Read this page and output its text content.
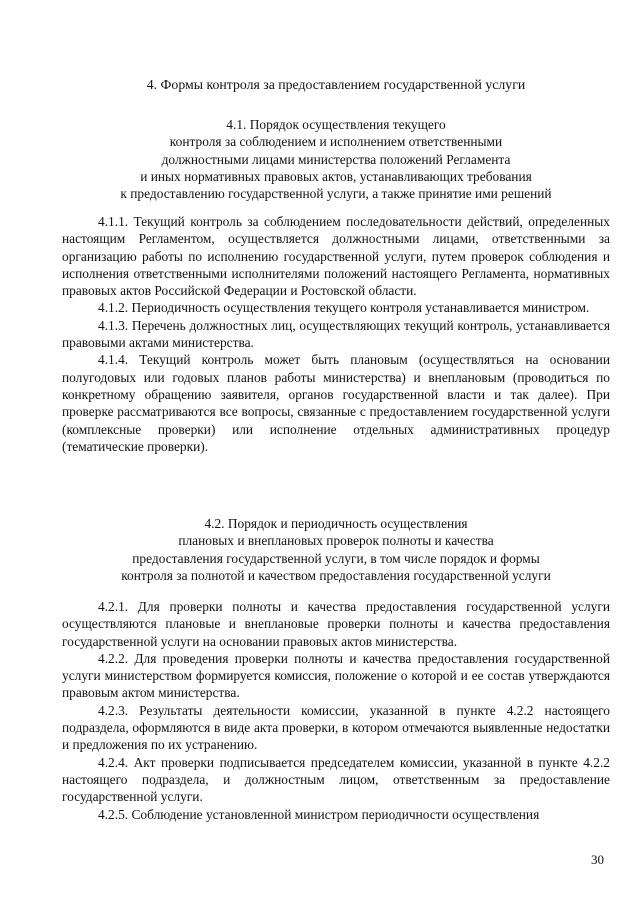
4. Формы контроля за предоставлением государственной услуги

4.1. Порядок осуществления текущего

контроля за соблюдением и исполнением ответственными

должностными лицами министерства положений Регламента

и иных нормативных правовых актов, устанавливающих требования

к предоставлению государственной услуги, а также принятие ими решений

4.1.1. Текущий контроль за соблюдением последовательности действий, определенных настоящим Регламентом, осуществляется должностными лицами, ответственными за организацию работы по исполнению государственной услуги, путем проверок соблюдения и исполнения ответственными исполнителями положений настоящего Регламента, нормативных правовых актов Российской Федерации и Ростовской области.

4.1.2. Периодичность осуществления текущего контроля устанавливается министром.

4.1.3. Перечень должностных лиц, осуществляющих текущий контроль, устанавливается правовыми актами министерства.

4.1.4. Текущий контроль может быть плановым (осуществляться на основании полугодовых или годовых планов работы министерства) и внеплановым (проводиться по конкретному обращению заявителя, органов государственной власти и так далее). При проверке рассматриваются все вопросы, связанные с предоставлением государственной услуги (комплексные проверки) или исполнение отдельных административных процедур (тематические проверки).

4.2. Порядок и периодичность осуществления

плановых и внеплановых проверок полноты и качества

предоставления государственной услуги, в том числе порядок и формы

контроля за полнотой и качеством предоставления государственной услуги

4.2.1. Для проверки полноты и качества предоставления государственной услуги осуществляются плановые и внеплановые проверки полноты и качества предоставления государственной услуги на основании правовых актов министерства.

4.2.2. Для проведения проверки полноты и качества предоставления государственной услуги министерством формируется комиссия, положение о которой и ее состав утверждаются правовым актом министерства.

4.2.3. Результаты деятельности комиссии, указанной в пункте 4.2.2 настоящего подраздела, оформляются в виде акта проверки, в котором отмечаются выявленные недостатки и предложения по их устранению.

4.2.4. Акт проверки подписывается председателем комиссии, указанной в пункте 4.2.2 настоящего подраздела, и должностным лицом, ответственным за предоставление государственной услуги.

4.2.5. Соблюдение установленной министром периодичности осуществления

30
